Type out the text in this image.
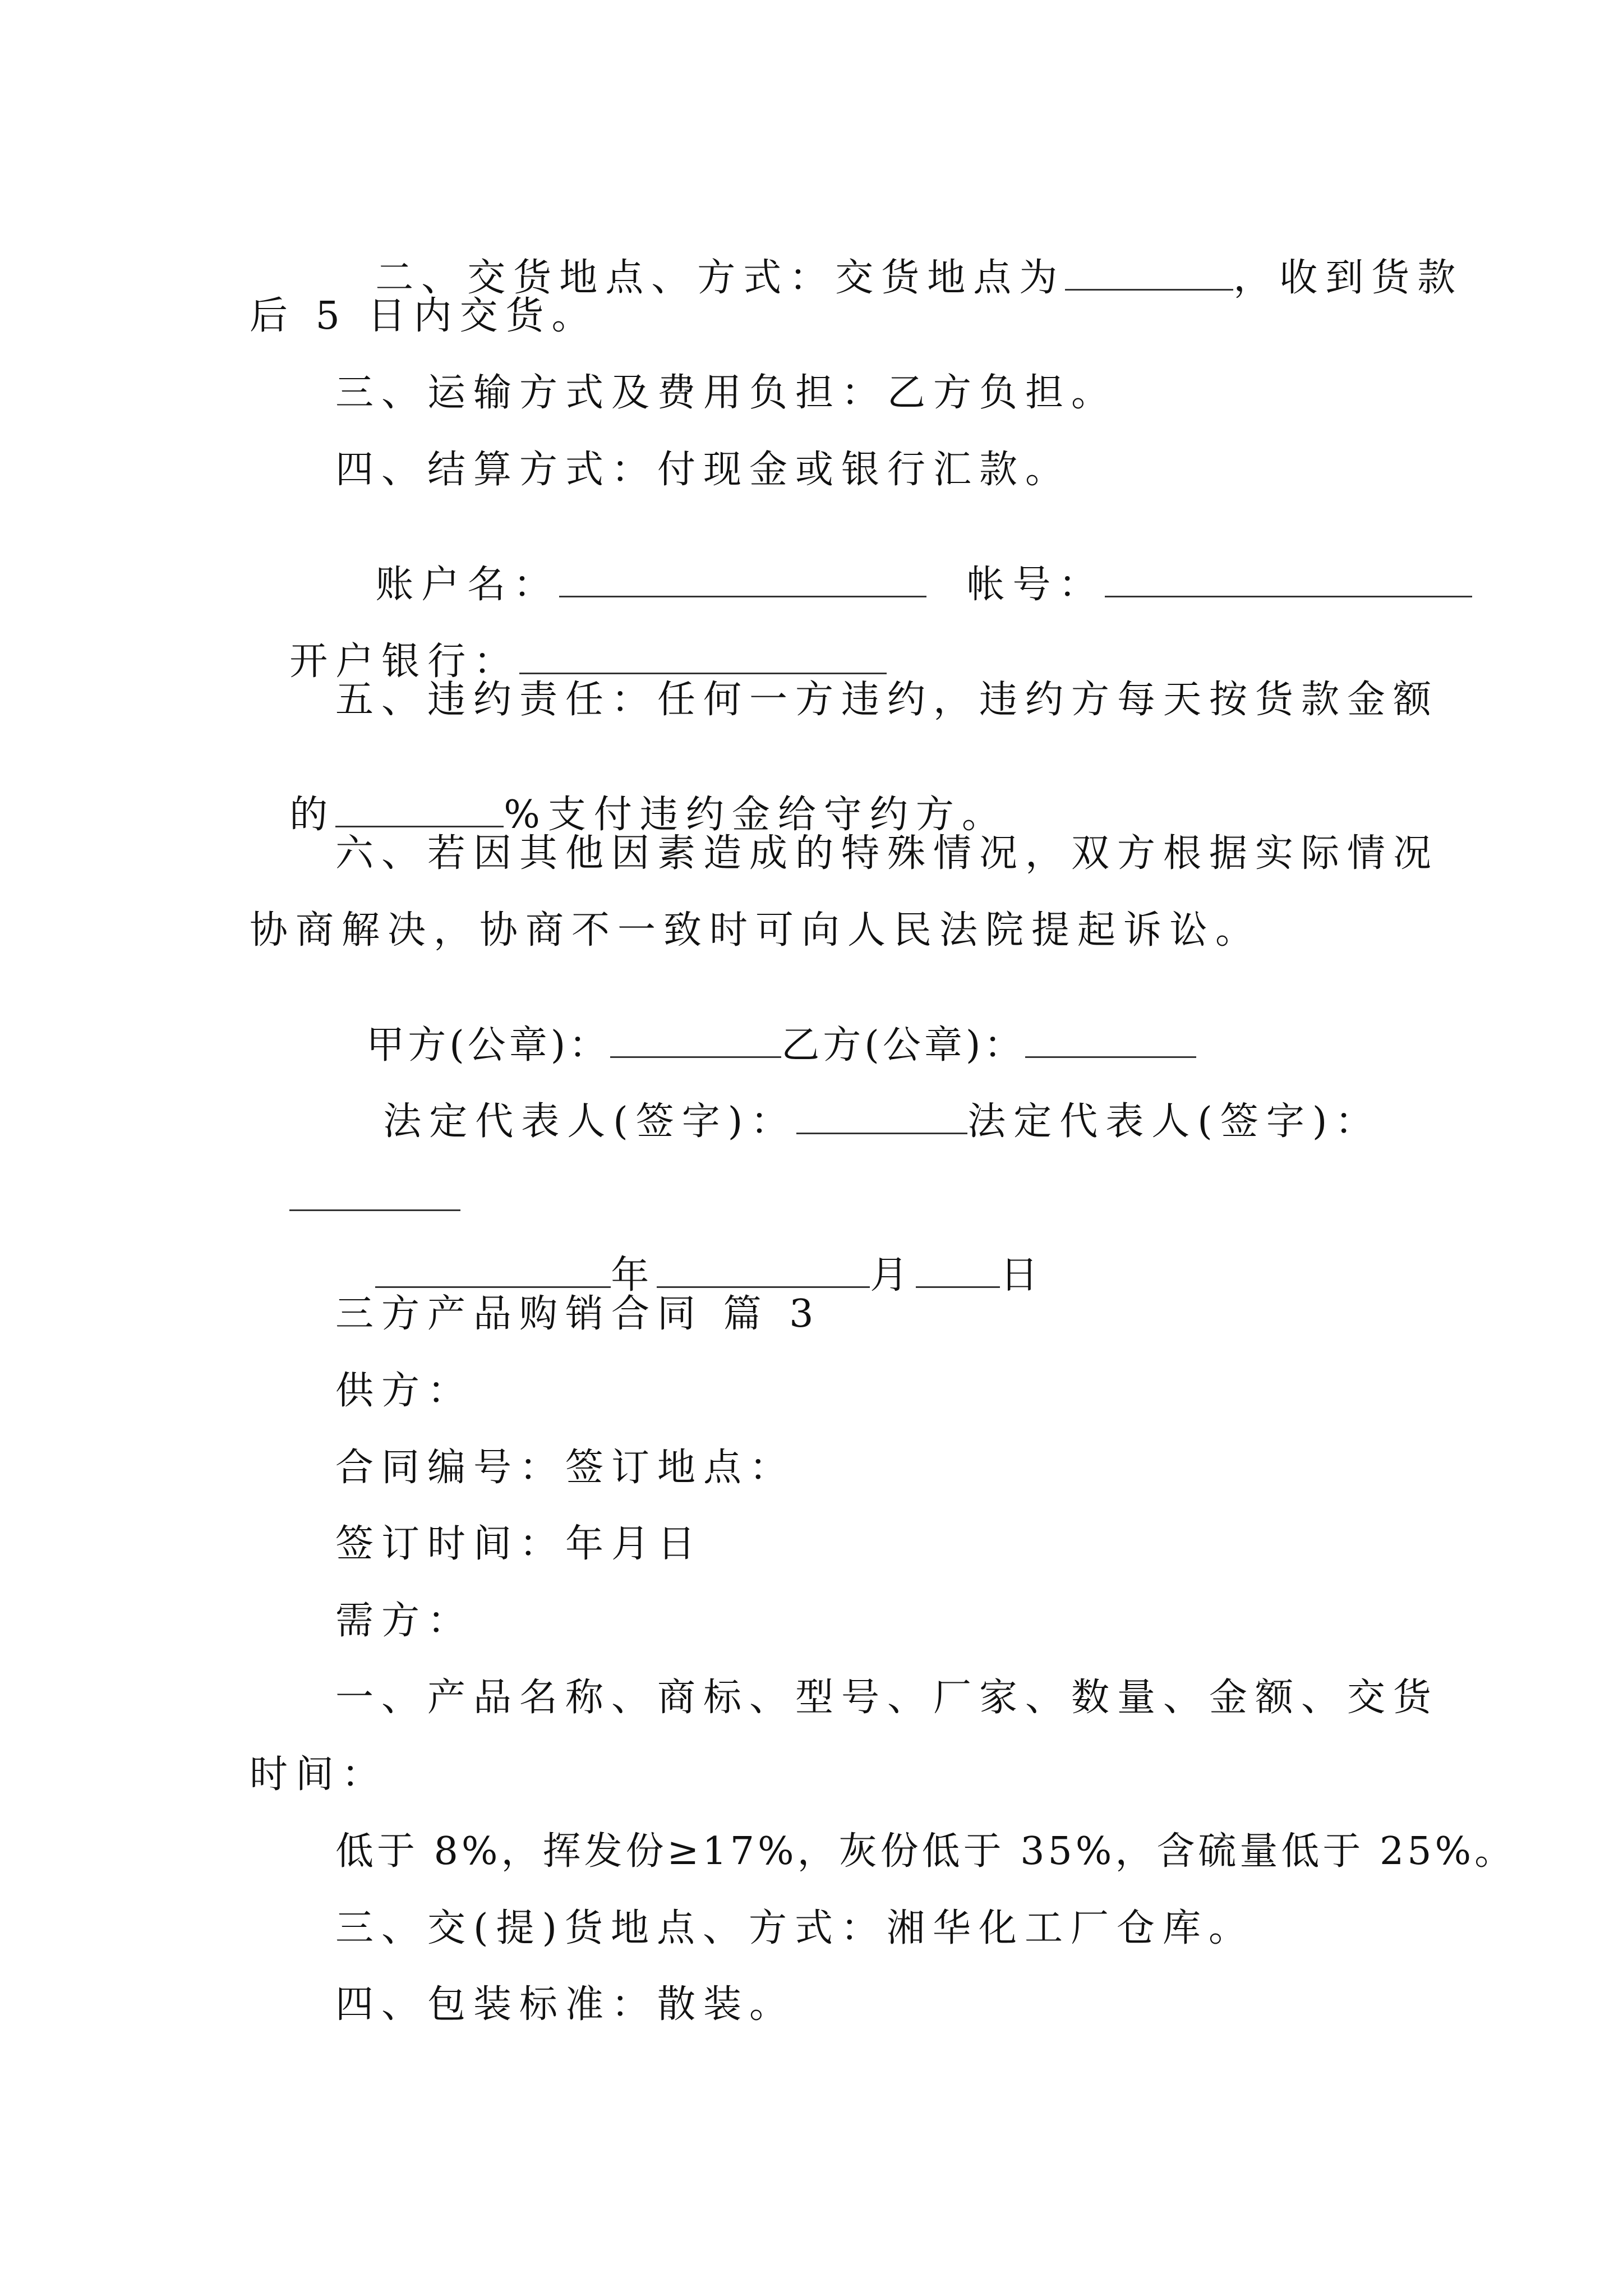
二、交货地点、方式：交货地点为	，收到货款

后 5 日内交货。
三、运输方式及费用负担：乙方负担。
四、结算方式：付现金或银行汇款。

账户名：	帐号：

开户银行：

五、违约责任：任何一方违约，违约方每天按货款金额

的	%支付违约金给守约方。

六、若因其他因素造成的特殊情况，双方根据实际情况
协商解决，协商不一致时可向人民法院提起诉讼。

甲方(公章)：	乙方(公章)：

法定代表人(签字)：	法定代表人(签字)：

年	月 日

三方产品购销合同 篇 3
供方：
合同编号：签订地点：
签订时间：年月日
需方：
一、产品名称、商标、型号、厂家、数量、金额、交货
时间：
低于 8%，挥发份≥17%，灰份低于 35%，含硫量低于 25%。
三、交(提)货地点、方式：湘华化工厂仓库。
四、包装标准：散装。
